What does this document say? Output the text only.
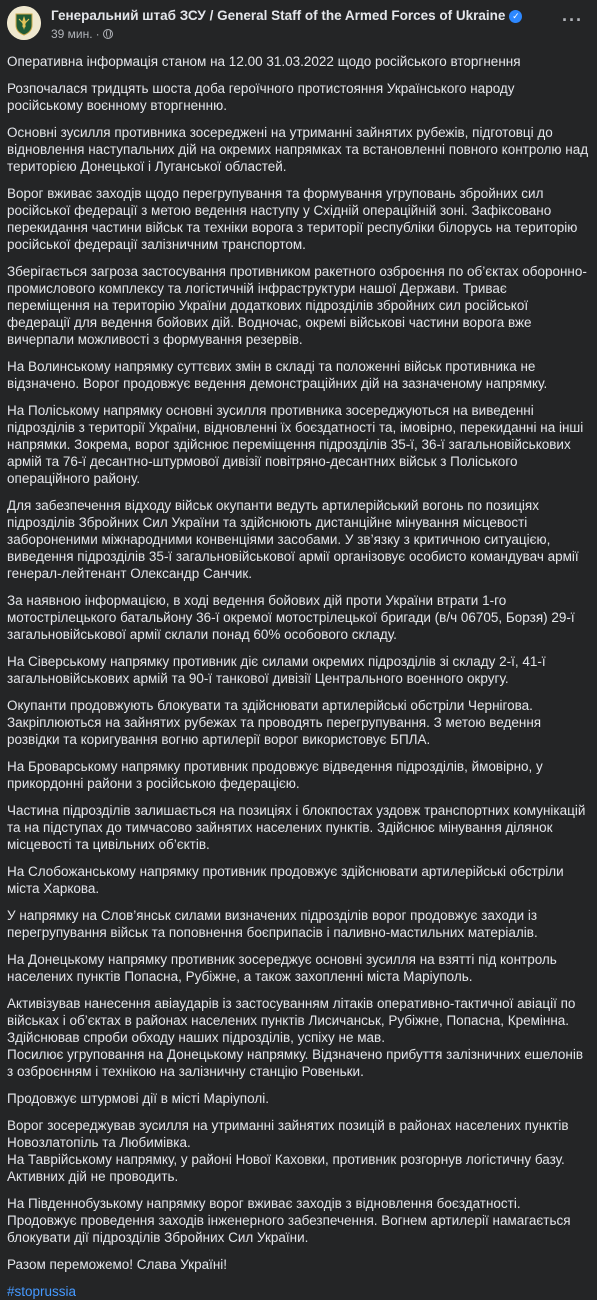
Генеральний штаб ЗСУ / General Staff of the Armed Forces of Ukraine ✓
39 мин. ·
···

Оперативна інформація станом на 12.00 31.03.2022 щодо російського вторгнення

Розпочалася тридцять шоста доба героїчного протистояння Українського народу російському воєнному вторгненню.

Основні зусилля противника зосереджені на утриманні зайнятих рубежів, підготовці до відновлення наступальних дій на окремих напрямках та встановленні повного контролю над територією Донецької і Луганської областей.

Ворог вживає заходів щодо перегрупування та формування угруповань збройних сил російської федерації з метою ведення наступу у Східній операційній зоні. Зафіксовано перекидання частини військ та техніки ворога з території республіки білорусь на територію російської федерації залізничним транспортом.

Зберігається загроза застосування противником ракетного озброєння по об’єктах оборонно-промислового комплексу та логістичній інфраструктури нашої Держави. Триває переміщення на територію України додаткових підрозділів збройних сил російської федерації для ведення бойових дій. Водночас, окремі військові частини ворога вже вичерпали можливості з формування резервів.

На Волинському напрямку суттєвих змін в складі та положенні військ противника не відзначено. Ворог продовжує ведення демонстраційних дій на зазначеному напрямку.

На Поліському напрямку основні зусилля противника зосереджуються на виведенні підрозділів з території України, відновленні їх боєздатності та, імовірно, перекиданні на інші напрямки. Зокрема, ворог здійснює переміщення підрозділів 35-ї, 36-ї загальновійськових армій та 76-ї десантно-штурмової дивізії повітряно-десантних військ з Поліського операційного району.

Для забезпечення відходу військ окупанти ведуть артилерійський вогонь по позиціях підрозділів Збройних Сил України та здійснюють дистанційне мінування місцевості забороненими міжнародними конвенціями засобами. У зв’язку з критичною ситуацією, виведення підрозділів 35-ї загальновійськової армії організовує особисто командувач армії генерал-лейтенант Олександр Санчик.

За наявною інформацією, в ході ведення бойових дій проти України втрати 1-го мотострілецького батальйону 36-ї окремої мотострілецької бригади (в/ч 06705, Борзя) 29-ї загальновійськової армії склали понад 60% особового складу.

На Сіверському напрямку противник діє силами окремих підрозділів зі складу 2-ї, 41-ї загальновійськових армій та 90-ї танкової дивізії Центрального военного округу.

Окупанти продовжують блокувати та здійснювати артилерійські обстріли Чернігова. Закріплюються на зайнятих рубежах та проводять перегрупування. З метою ведення розвідки та коригування вогню артилерії ворог використовує БПЛА.

На Броварському напрямку противник продовжує відведення підрозділів, ймовірно, у прикордонні райони з російською федерацією.

Частина підрозділів залишається на позиціях і блокпостах уздовж транспортних комунікацій та на підступах до тимчасово зайнятих населених пунктів. Здійснює мінування ділянок місцевості та цивільних об’єктів.

На Слобожанському напрямку противник продовжує здійснювати артилерійські обстріли міста Харкова.

У напрямку на Слов’янськ силами визначених підрозділів ворог продовжує заходи із перегрупування військ та поповнення боєприпасів і паливно-мастильних матеріалів.

На Донецькому напрямку противник зосереджує основні зусилля на взятті під контроль населених пунктів Попасна, Рубіжне, а також захопленні міста Маріуполь.

Активізував нанесення авіаударів із застосуванням літаків оперативно-тактичної авіації по військах і об’єктах в районах населених пунктів Лисичанськ, Рубіжне, Попасна, Кремінна. Здійснював спроби обходу наших підрозділів, успіху не мав.

Посилює угруповання на Донецькому напрямку. Відзначено прибуття залізничних ешелонів з озброєнням і технікою на залізничну станцію Ровеньки.

Продовжує штурмові дії в місті Маріуполі.

Ворог зосереджував зусилля на утриманні зайнятих позицій в районах населених пунктів Новозлатопіль та Любимівка.

На Таврійському напрямку, у районі Нової Каховки, противник розгорнув логістичну базу. Активних дій не проводить.

На Південнобузькому напрямку ворог вживає заходів з відновлення боєздатності. Продовжує проведення заходів інженерного забезпечення. Вогнем артилерії намагається блокувати дії підрозділів Збройних Сил України.

Разом переможемо! Слава Україні!

#stoprussia
